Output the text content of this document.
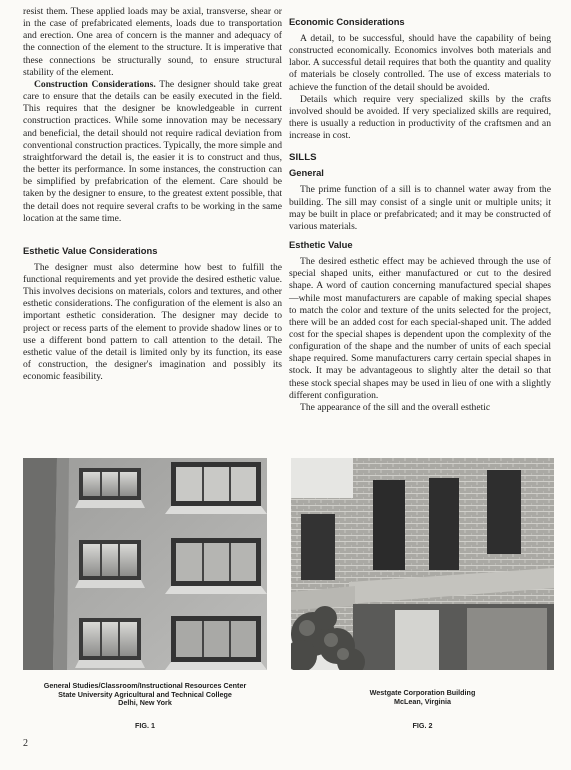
resist them. These applied loads may be axial, transverse, shear or in the case of prefabricated elements, loads due to transportation and erection. One area of concern is the manner and adequacy of the connection of the element to the structure. It is imperative that these connections be structurally sound, to ensure structural stability of the element.

Construction Considerations. The designer should take great care to ensure that the details can be easily executed in the field. This requires that the designer be knowledgeable in current construction practices. While some innovation may be necessary and beneficial, the detail should not require radical deviation from conventional construction practices. Typically, the more simple and straightforward the detail is, the easier it is to construct and thus, the better its performance. In some instances, the construction can be simplified by prefabrication of the element. Care should be taken by the designer to ensure, to the greatest extent possible, that the detail does not require several crafts to be working in the same location at the same time.

Esthetic Value Considerations

The designer must also determine how best to fulfill the functional requirements and yet provide the desired esthetic value. This involves decisions on materials, colors and textures, and other esthetic considerations. The configuration of the element is also an important esthetic consideration. The designer may decide to project or recess parts of the element to provide shadow lines or to use a different bond pattern to call attention to the detail. The esthetic value of the detail is limited only by its function, its ease of construction, the designer's imagination and possibly its economic feasibility.

Economic Considerations

A detail, to be successful, should have the capability of being constructed economically. Economics involves both materials and labor. A successful detail requires that both the quantity and quality of materials be closely controlled. The use of excess materials to achieve the function of the detail should be avoided.

Details which require very specialized skills by the crafts involved should be avoided. If very specialized skills are required, there is usually a reduction in productivity of the craftsmen and an increase in cost.

SILLS
General

The prime function of a sill is to channel water away from the building. The sill may consist of a single unit or multiple units; it may be built in place or prefabricated; and it may be constructed of various materials.

Esthetic Value

The desired esthetic effect may be achieved through the use of special shaped units, either manufactured or cut to the desired shape. A word of caution concerning manufactured special shapes—while most manufacturers are capable of making special shapes to match the color and texture of the units selected for the project, there will be an added cost for each special-shaped unit. The added cost for the special shapes is dependent upon the complexity of the configuration of the shape and the number of units of each special shape required. Some manufacturers carry certain special shapes in stock. It may be advantageous to slightly alter the detail so that these stock special shapes may be used in lieu of one with a slightly different configuration.

The appearance of the sill and the overall esthetic

General Studies/Classroom/Instructional Resources Center
State University Agricultural and Technical College
Delhi, New York
FIG. 1
Westgate Corporation Building
McLean, Virginia
FIG. 2
2
